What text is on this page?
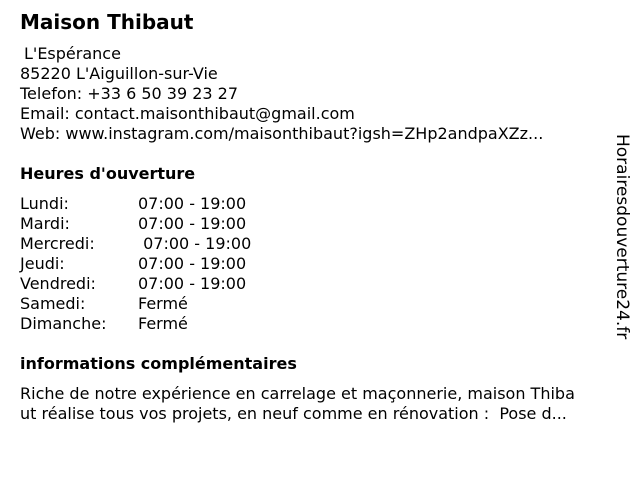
Maison Thibaut
L'Espérance
85220 L'Aiguillon-sur-Vie
Telefon: +33 6 50 39 23 27
Email: contact.maisonthibaut@gmail.com
Web: www.instagram.com/maisonthibaut?igsh=ZHp2andpaXZz...
Heures d'ouverture
Lundi:	07:00 - 19:00
Mardi:	07:00 - 19:00
Mercredi:	07:00 - 19:00
Jeudi:	07:00 - 19:00
Vendredi:	07:00 - 19:00
Samedi:	Fermé
Dimanche: Fermé
informations complémentaires
Riche de notre expérience en carrelage et maçonnerie, maison Thiba
ut réalise tous vos projets, en neuf comme en rénovation :  Pose d...
Horairesdouverture24.fr
